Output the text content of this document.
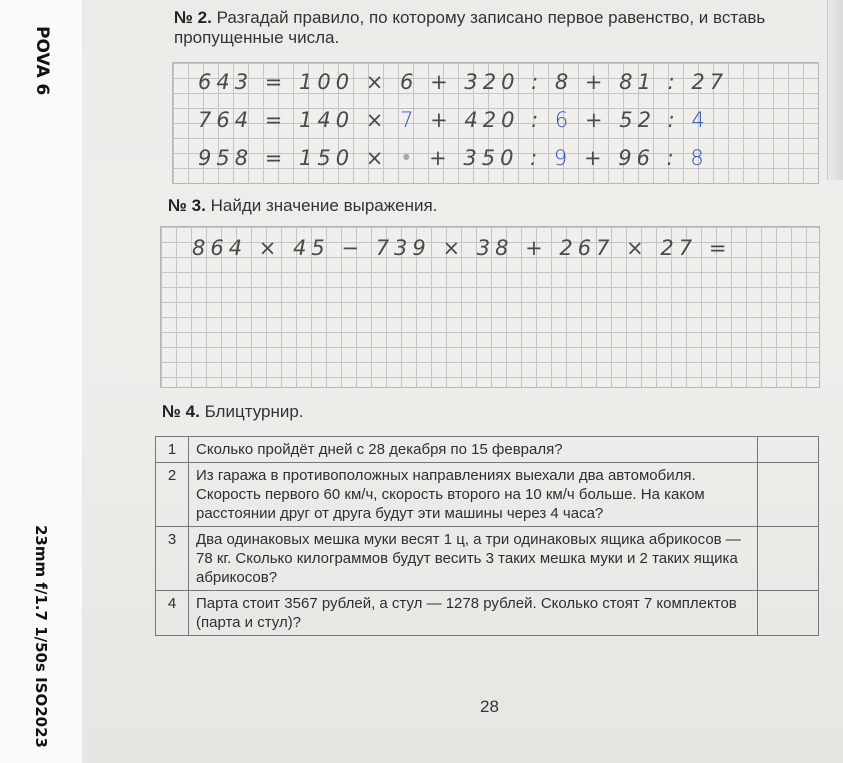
POVA 6
23mm f/1.7 1/50s ISO2023
№ 2. Разгадай правило, по которому записано первое равенство, и вставь пропущенные числа.
643 = 100 × 6 + 320 : 8 + 81 : 27
764 = 140 × 7 + 420 : 6 + 52 : 4
958 = 150 × • + 350 : 9 + 96 : 8
№ 3. Найди значение выражения.
864 × 45 − 739 × 38 + 267 × 27 =
№ 4. Блицтурнир.
1	Сколько пройдёт дней с 28 декабря по 15 февраля?	
2	Из гаража в противоположных направлениях выехали два автомобиля. Скорость первого 60 км/ч, скорость второго на 10 км/ч больше. На каком расстоянии друг от друга будут эти машины через 4 часа?	
3	Два одинаковых мешка муки весят 1 ц, а три одинаковых ящика абрикосов — 78 кг. Сколько килограммов будут весить 3 таких мешка муки и 2 таких ящика абрикосов?	
4	Парта стоит 3567 рублей, а стул — 1278 рублей. Сколько стоят 7 комплектов (парта и стул)?	
28
